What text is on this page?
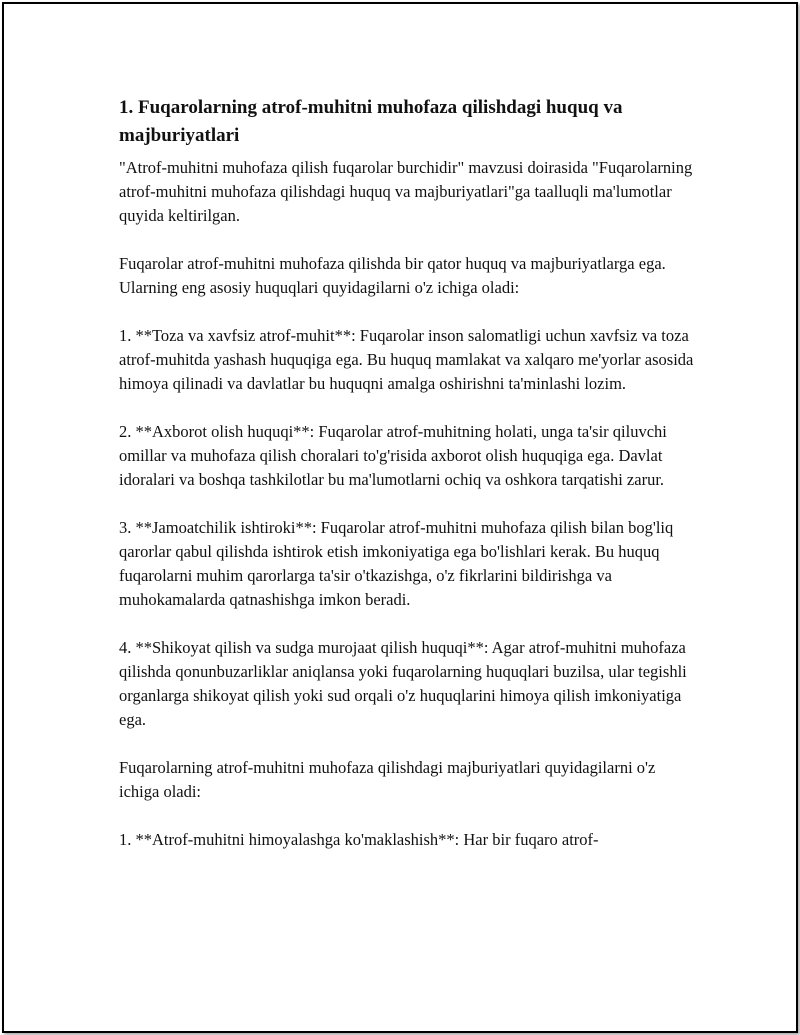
1. Fuqarolarning atrof-muhitni muhofaza qilishdagi huquq va majburiyatlari

"Atrof-muhitni muhofaza qilish fuqarolar burchidir" mavzusi doirasida "Fuqarolarning atrof-muhitni muhofaza qilishdagi huquq va majburiyatlari"ga taalluqli ma'lumotlar quyida keltirilgan.

Fuqarolar atrof-muhitni muhofaza qilishda bir qator huquq va majburiyatlarga ega. Ularning eng asosiy huquqlari quyidagilarni o'z ichiga oladi:

1. **Toza va xavfsiz atrof-muhit**: Fuqarolar inson salomatligi uchun xavfsiz va toza atrof-muhitda yashash huquqiga ega. Bu huquq mamlakat va xalqaro me'yorlar asosida himoya qilinadi va davlatlar bu huquqni amalga oshirishni ta'minlashi lozim.

2. **Axborot olish huquqi**: Fuqarolar atrof-muhitning holati, unga ta'sir qiluvchi omillar va muhofaza qilish choralari to'g'risida axborot olish huquqiga ega. Davlat idoralari va boshqa tashkilotlar bu ma'lumotlarni ochiq va oshkora tarqatishi zarur.

3. **Jamoatchilik ishtiroki**: Fuqarolar atrof-muhitni muhofaza qilish bilan bog'liq qarorlar qabul qilishda ishtirok etish imkoniyatiga ega bo'lishlari kerak. Bu huquq fuqarolarni muhim qarorlarga ta'sir o'tkazishga, o'z fikrlarini bildirishga va muhokamalarda qatnashishga imkon beradi.

4. **Shikoyat qilish va sudga murojaat qilish huquqi**: Agar atrof-muhitni muhofaza qilishda qonunbuzarliklar aniqlansa yoki fuqarolarning huquqlari buzilsa, ular tegishli organlarga shikoyat qilish yoki sud orqali o'z huquqlarini himoya qilish imkoniyatiga ega.

Fuqarolarning atrof-muhitni muhofaza qilishdagi majburiyatlari quyidagilarni o'z ichiga oladi:

1. **Atrof-muhitni himoyalashga ko'maklashish**: Har bir fuqaro atrof-
